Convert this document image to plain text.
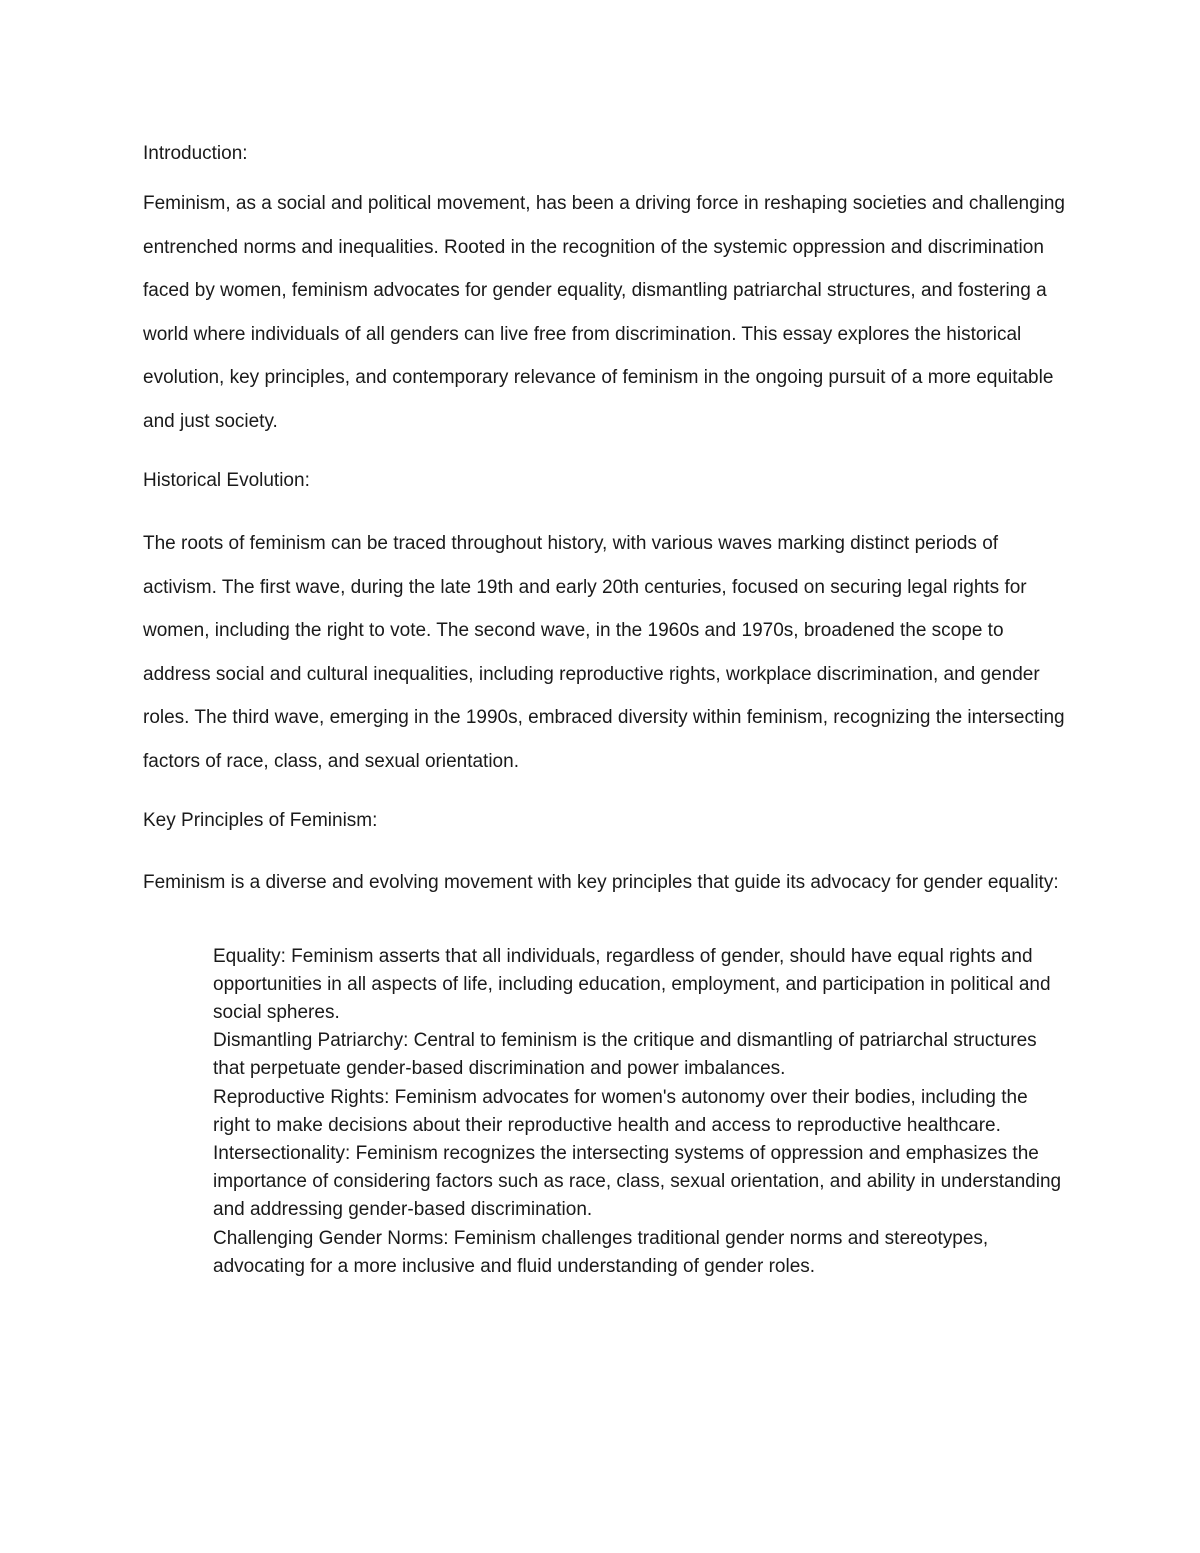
Introduction:

Feminism, as a social and political movement, has been a driving force in reshaping societies and challenging entrenched norms and inequalities. Rooted in the recognition of the systemic oppression and discrimination faced by women, feminism advocates for gender equality, dismantling patriarchal structures, and fostering a world where individuals of all genders can live free from discrimination. This essay explores the historical evolution, key principles, and contemporary relevance of feminism in the ongoing pursuit of a more equitable and just society.

Historical Evolution:

The roots of feminism can be traced throughout history, with various waves marking distinct periods of activism. The first wave, during the late 19th and early 20th centuries, focused on securing legal rights for women, including the right to vote. The second wave, in the 1960s and 1970s, broadened the scope to address social and cultural inequalities, including reproductive rights, workplace discrimination, and gender roles. The third wave, emerging in the 1990s, embraced diversity within feminism, recognizing the intersecting factors of race, class, and sexual orientation.

Key Principles of Feminism:

Feminism is a diverse and evolving movement with key principles that guide its advocacy for gender equality:

Equality: Feminism asserts that all individuals, regardless of gender, should have equal rights and opportunities in all aspects of life, including education, employment, and participation in political and social spheres.
Dismantling Patriarchy: Central to feminism is the critique and dismantling of patriarchal structures that perpetuate gender-based discrimination and power imbalances.
Reproductive Rights: Feminism advocates for women's autonomy over their bodies, including the right to make decisions about their reproductive health and access to reproductive healthcare.
Intersectionality: Feminism recognizes the intersecting systems of oppression and emphasizes the importance of considering factors such as race, class, sexual orientation, and ability in understanding and addressing gender-based discrimination.
Challenging Gender Norms: Feminism challenges traditional gender norms and stereotypes, advocating for a more inclusive and fluid understanding of gender roles.
